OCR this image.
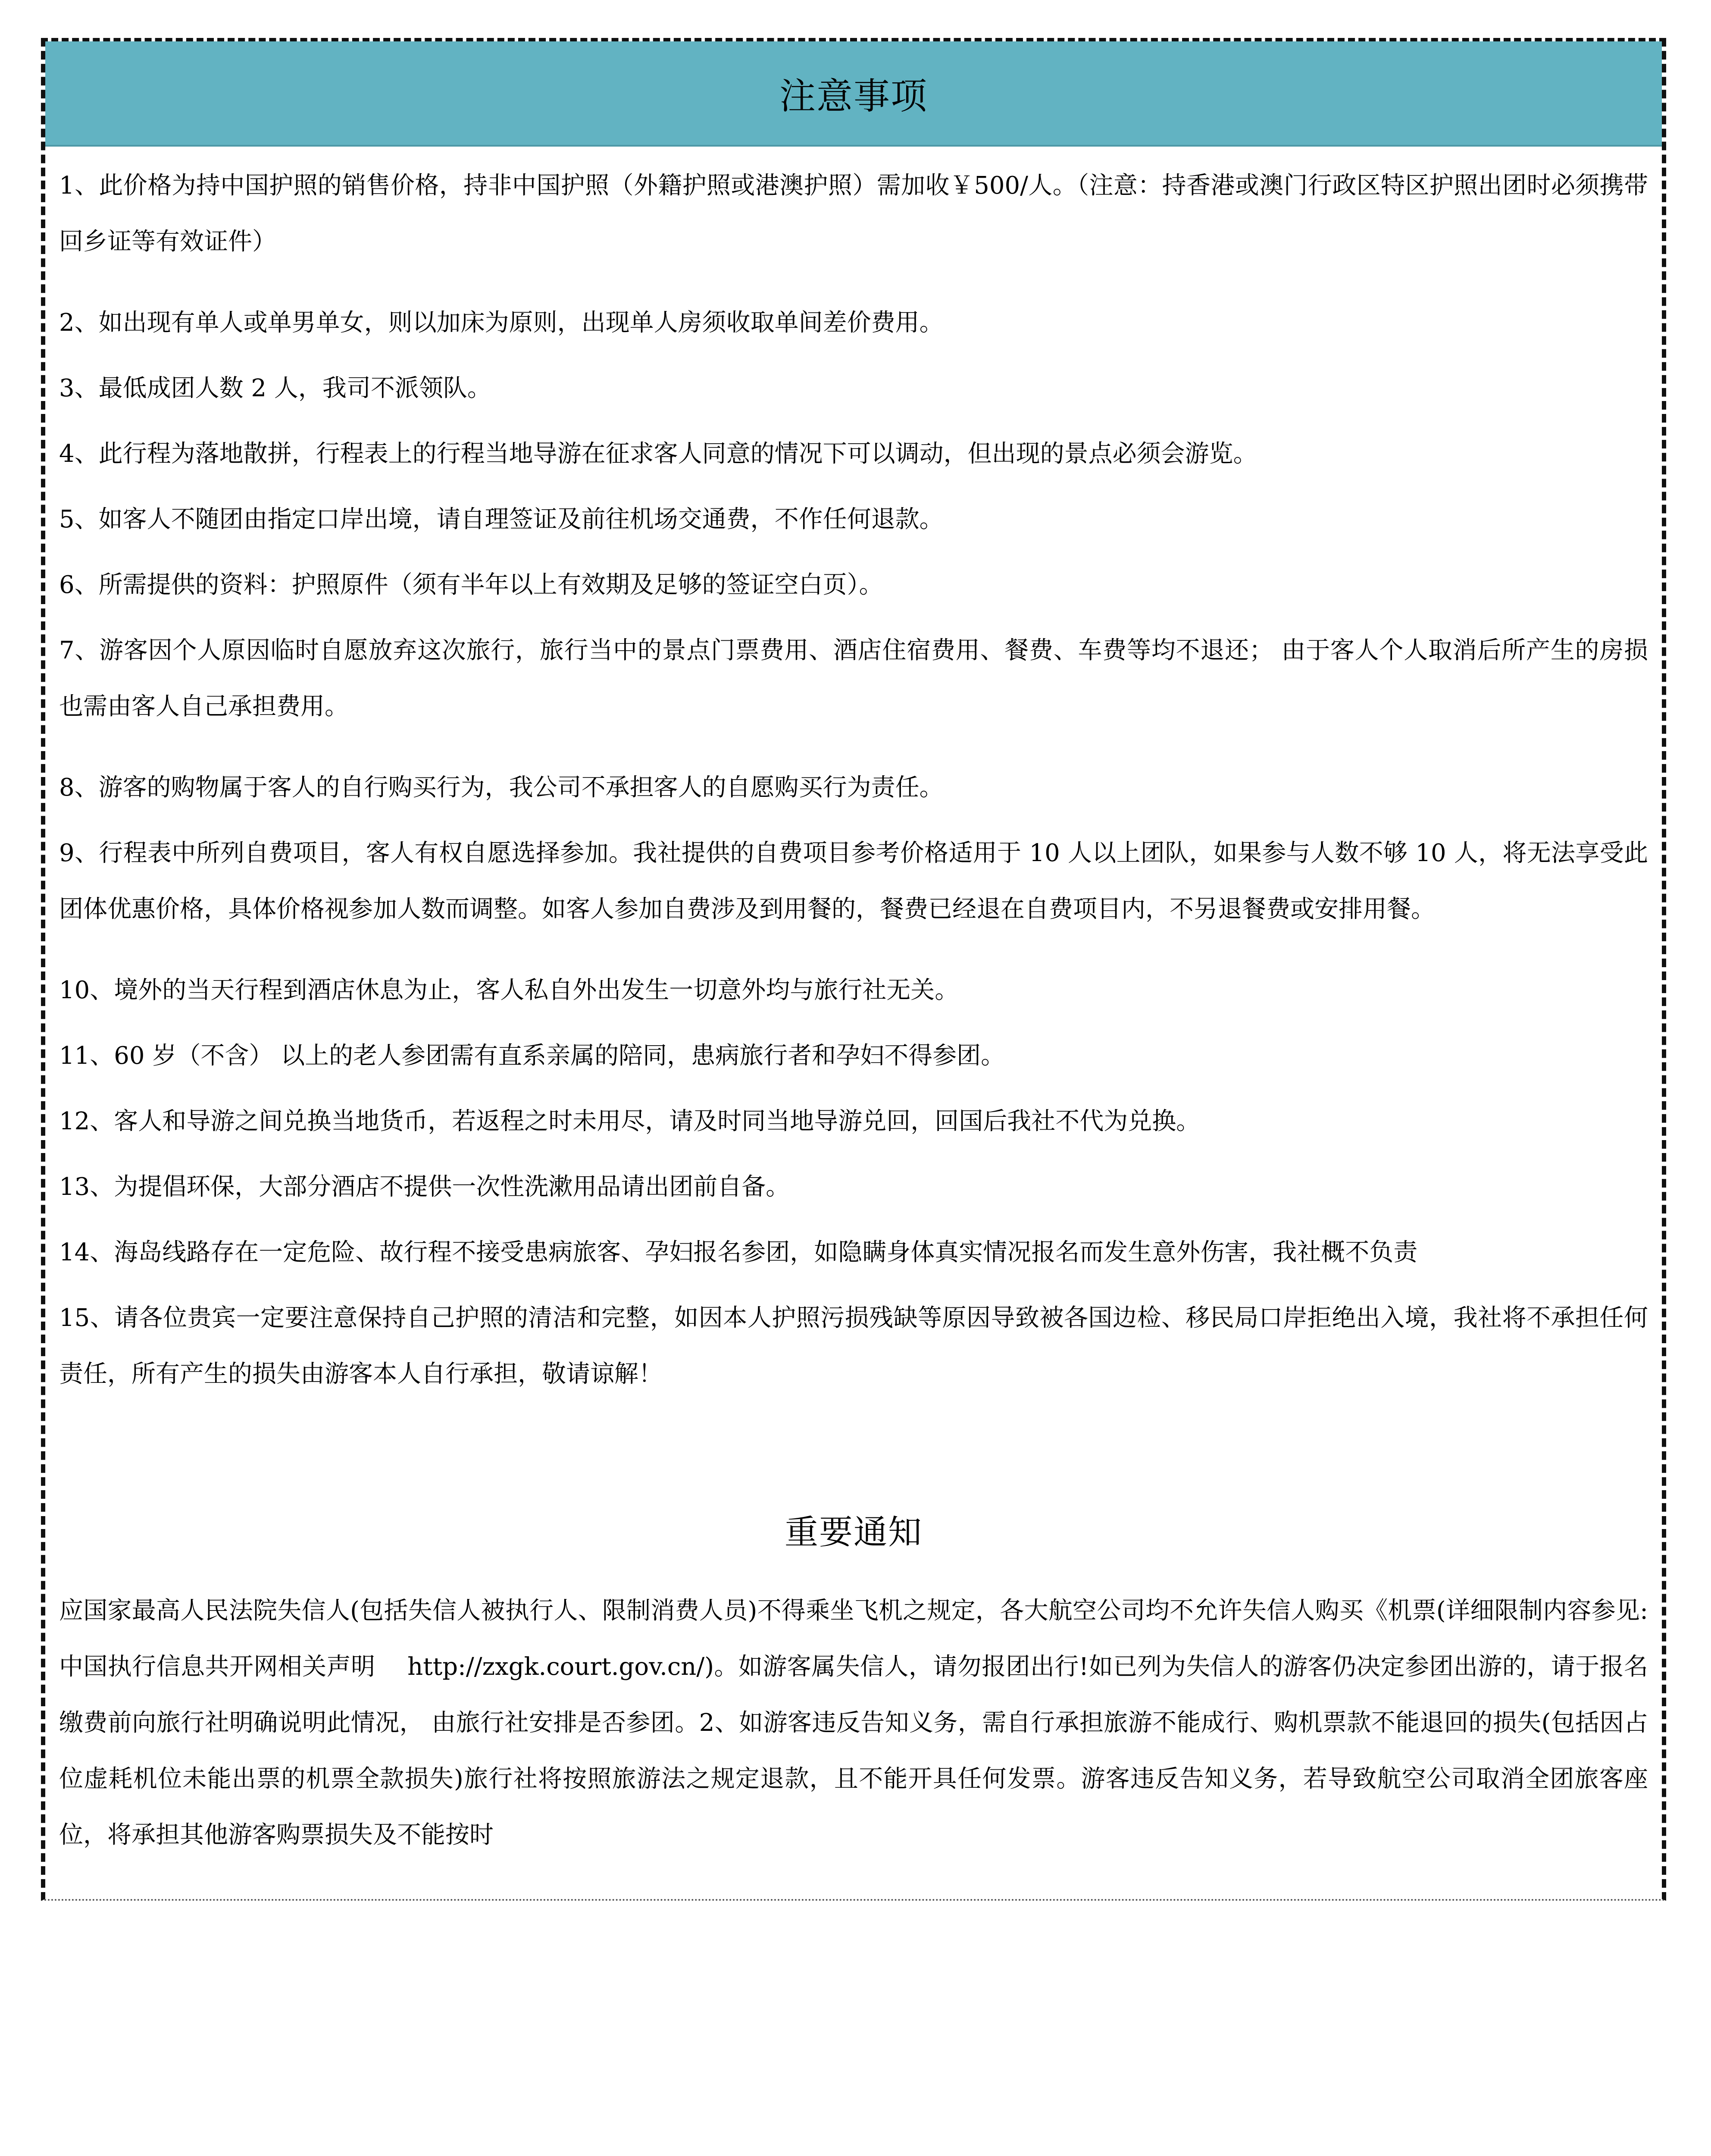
注意事项

1、此价格为持中国护照的销售价格，持非中国护照（外籍护照或港澳护照）需加收￥500/人。（注意：持香港或澳门行政区特区护照出团时必须携带回乡证等有效证件）

2、如出现有单人或单男单女，则以加床为原则，出现单人房须收取单间差价费用。

3、最低成团人数 2 人，我司不派领队。

4、此行程为落地散拼，行程表上的行程当地导游在征求客人同意的情况下可以调动，但出现的景点必须会游览。

5、如客人不随团由指定口岸出境，请自理签证及前往机场交通费，不作任何退款。

6、所需提供的资料：护照原件（须有半年以上有效期及足够的签证空白页）。

7、游客因个人原因临时自愿放弃这次旅行，旅行当中的景点门票费用、酒店住宿费用、餐费、车费等均不退还； 由于客人个人取消后所产生的房损也需由客人自己承担费用。

8、游客的购物属于客人的自行购买行为，我公司不承担客人的自愿购买行为责任。

9、行程表中所列自费项目，客人有权自愿选择参加。我社提供的自费项目参考价格适用于 10 人以上团队，如果参与人数不够 10 人，将无法享受此团体优惠价格，具体价格视参加人数而调整。如客人参加自费涉及到用餐的，餐费已经退在自费项目内，不另退餐费或安排用餐。

10、境外的当天行程到酒店休息为止，客人私自外出发生一切意外均与旅行社无关。

11、60 岁（不含） 以上的老人参团需有直系亲属的陪同，患病旅行者和孕妇不得参团。

12、客人和导游之间兑换当地货币，若返程之时未用尽，请及时同当地导游兑回，回国后我社不代为兑换。

13、为提倡环保，大部分酒店不提供一次性洗漱用品请出团前自备。

14、海岛线路存在一定危险、故行程不接受患病旅客、孕妇报名参团，如隐瞒身体真实情况报名而发生意外伤害，我社概不负责

15、请各位贵宾一定要注意保持自己护照的清洁和完整，如因本人护照污损残缺等原因导致被各国边检、移民局口岸拒绝出入境，我社将不承担任何责任，所有产生的损失由游客本人自行承担，敬请谅解！

重要通知

应国家最高人民法院失信人(包括失信人被执行人、限制消费人员)不得乘坐飞机之规定，各大航空公司均不允许失信人购买《机票(详细限制内容参见:中国执行信息共开网相关声明　 http://zxgk.court.gov.cn/)。如游客属失信人，请勿报团出行!如已列为失信人的游客仍决定参团出游的，请于报名缴费前向旅行社明确说明此情况， 由旅行社安排是否参团。2、如游客违反告知义务，需自行承担旅游不能成行、购机票款不能退回的损失(包括因占位虚耗机位未能出票的机票全款损失)旅行社将按照旅游法之规定退款，且不能开具任何发票。游客违反告知义务，若导致航空公司取消全团旅客座位，将承担其他游客购票损失及不能按时
